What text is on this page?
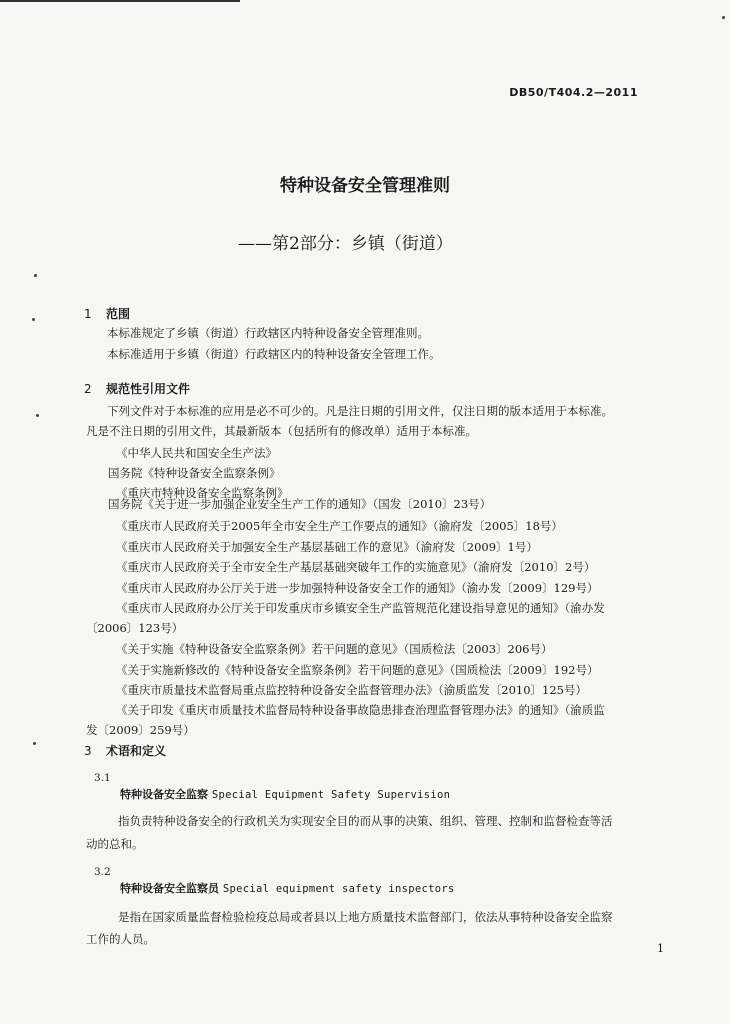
DB50/T404.2—2011
特种设备安全管理准则
——第2部分：乡镇（街道）
1 范围
本标准规定了乡镇（街道）行政辖区内特种设备安全管理准则。
本标准适用于乡镇（街道）行政辖区内的特种设备安全管理工作。
2 规范性引用文件
下列文件对于本标准的应用是必不可少的。凡是注日期的引用文件，仅注日期的版本适用于本标准。
凡是不注日期的引用文件，其最新版本（包括所有的修改单）适用于本标准。
《中华人民共和国安全生产法》
国务院《特种设备安全监察条例》
《重庆市特种设备安全监察条例》
国务院《关于进一步加强企业安全生产工作的通知》（国发〔2010〕23号）
《重庆市人民政府关于2005年全市安全生产工作要点的通知》（渝府发〔2005〕18号）
《重庆市人民政府关于加强安全生产基层基础工作的意见》（渝府发〔2009〕1号）
《重庆市人民政府关于全市安全生产基层基础突破年工作的实施意见》（渝府发〔2010〕2号）
《重庆市人民政府办公厅关于进一步加强特种设备安全工作的通知》（渝办发〔2009〕129号）
《重庆市人民政府办公厅关于印发重庆市乡镇安全生产监管规范化建设指导意见的通知》（渝办发
〔2006〕123号）
《关于实施《特种设备安全监察条例》若干问题的意见》（国质检法〔2003〕206号）
《关于实施新修改的《特种设备安全监察条例》若干问题的意见》（国质检法〔2009〕192号）
《重庆市质量技术监督局重点监控特种设备安全监督管理办法》（渝质监发〔2010〕125号）
《关于印发《重庆市质量技术监督局特种设备事故隐患排查治理监督管理办法》的通知》（渝质监
发〔2009〕259号）
3 术语和定义
3.1
特种设备安全监察 Special Equipment Safety Supervision
指负责特种设备安全的行政机关为实现安全目的而从事的决策、组织、管理、控制和监督检查等活
动的总和。
3.2
特种设备安全监察员 Special equipment safety inspectors
是指在国家质量监督检验检疫总局或者县以上地方质量技术监督部门，依法从事特种设备安全监察
工作的人员。
1
